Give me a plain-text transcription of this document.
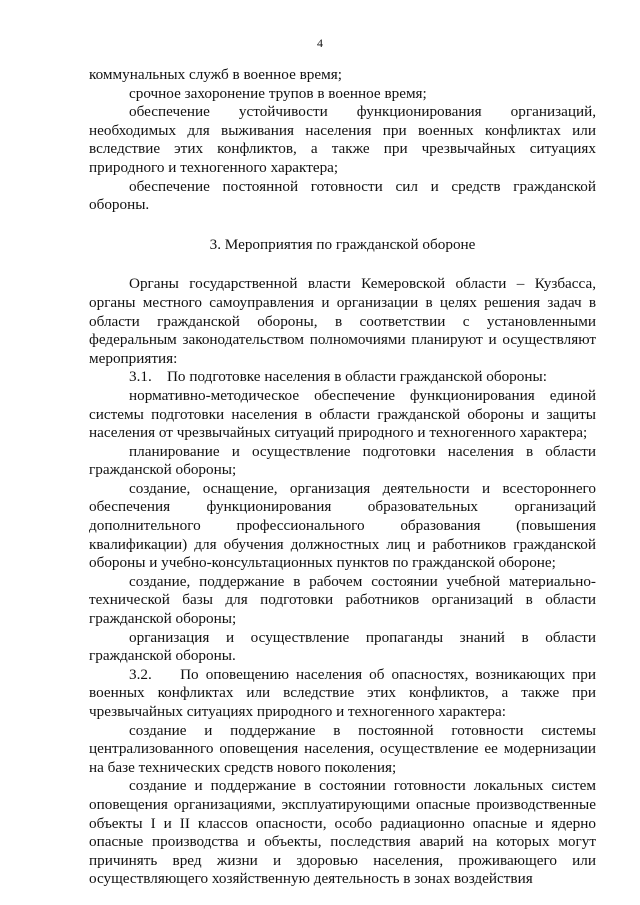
4

коммунальных служб в военное время;

срочное захоронение трупов в военное время;

обеспечение устойчивости функционирования организаций, необходимых для выживания населения при военных конфликтах или вследствие этих конфликтов, а также при чрезвычайных ситуациях природного и техногенного характера;

обеспечение постоянной готовности сил и средств гражданской обороны.

3. Мероприятия по гражданской обороне

Органы государственной власти Кемеровской области – Кузбасса, органы местного самоуправления и организации в целях решения задач в области гражданской обороны, в соответствии с установленными федеральным законодательством полномочиями планируют и осуществляют мероприятия:

3.1.    По подготовке населения в области гражданской обороны:

нормативно-методическое обеспечение функционирования единой системы подготовки населения в области гражданской обороны и защиты населения от чрезвычайных ситуаций природного и техногенного характера;

планирование и осуществление подготовки населения в области гражданской обороны;

создание, оснащение, организация деятельности и всестороннего обеспечения функционирования образовательных организаций дополнительного профессионального образования (повышения квалификации) для обучения должностных лиц и работников гражданской обороны и учебно-консультационных пунктов по гражданской обороне;

создание, поддержание в рабочем состоянии учебной материально-технической базы для подготовки работников организаций в области гражданской обороны;

организация и осуществление пропаганды знаний в области гражданской обороны.

3.2.    По оповещению населения об опасностях, возникающих при военных конфликтах или вследствие этих конфликтов, а также при чрезвычайных ситуациях природного и техногенного характера:

создание и поддержание в постоянной готовности системы централизованного оповещения населения, осуществление ее модернизации на базе технических средств нового поколения;

создание и поддержание в состоянии готовности локальных систем оповещения организациями, эксплуатирующими опасные производственные объекты I и II классов опасности, особо радиационно опасные и ядерно опасные производства и объекты, последствия аварий на которых могут причинять вред жизни и здоровью населения, проживающего или осуществляющего хозяйственную деятельность в зонах воздействия
